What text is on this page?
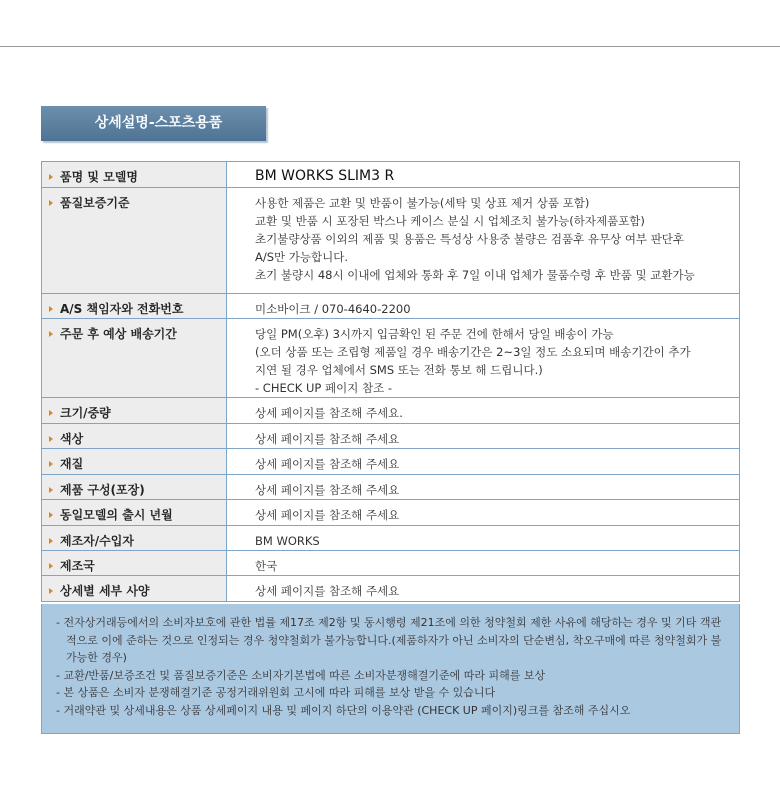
상세설명-스포츠용품
품명 및 모델명	BM WORKS SLIM3 R

품질보증기준	사용한 제품은 교환 및 반품이 불가능(세탁 및 상표 제거 상품 포함)
교환 및 반품 시 포장된 박스나 케이스 분실 시 업체조치 불가능(하자제품포함)
초기불량상품 이외의 제품 및 용품은 특성상 사용중 불량은 검품후 유무상 여부 판단후
A/S만 가능합니다.
초기 불량시 48시 이내에 업체와 통화 후 7일 이내 업체가 물품수령 후 반품 및 교환가능

A/S 책임자와 전화번호	미소바이크 / 070-4640-2200

주문 후 예상 배송기간	당일 PM(오후) 3시까지 입금확인 된 주문 건에 한해서 당일 배송이 가능
(오더 상품 또는 조립형 제품일 경우 배송기간은 2~3일 정도 소요되며 배송기간이 추가
지연 될 경우 업체에서 SMS 또는 전화 통보 해 드립니다.)
- CHECK UP 페이지 참조 -

크기/중량	상세 페이지를 참조해 주세요.

색상	상세 페이지를 참조해 주세요

재질	상세 페이지를 참조해 주세요

제품 구성(포장)	상세 페이지를 참조해 주세요

동일모델의 출시 년월	상세 페이지를 참조해 주세요

제조자/수입자	BM WORKS

제조국	한국

상세별 세부 사양	상세 페이지를 참조해 주세요
- 전자상거래등에서의 소비자보호에 관한 법률 제17조 제2항 및 동시행령 제21조에 의한 청약철회 제한 사유에 해당하는 경우 및 기타 객관적으로 이에 준하는 것으로 인정되는 경우 청약철회가 불가능합니다.(제품하자가 아닌 소비자의 단순변심, 착오구매에 따른 청약철회가 불가능한 경우)
- 교환/반품/보증조건 및 품질보증기준은 소비자기본법에 따른 소비자분쟁해결기준에 따라 피해를 보상
- 본 상품은 소비자 분쟁해결기준 공정거래위원회 고시에 따라 피해를 보상 받을 수 있습니다
- 거래약관 및 상세내용은 상품 상세페이지 내용 및 페이지 하단의 이용약관 (CHECK UP 페이지)링크를 참조해 주십시오
